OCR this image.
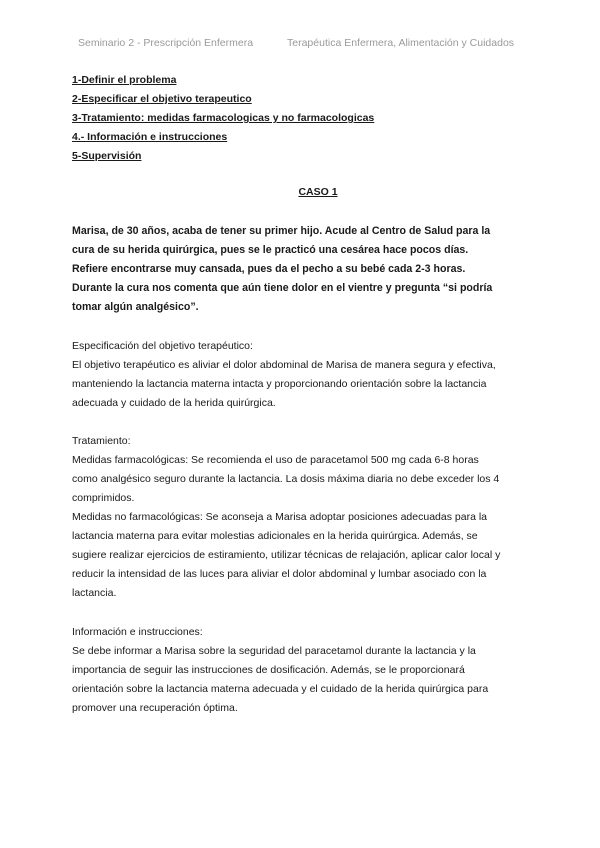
Seminario 2 - Prescripción Enfermera	Terapéutica Enfermera, Alimentación y Cuidados
1-Definir el problema
2-Especificar el objetivo terapeutico
3-Tratamiento: medidas farmacologicas y no farmacologicas
4.- Información e instrucciones
5-Supervisión
CASO 1
Marisa, de 30 años, acaba de tener su primer hijo. Acude al Centro de Salud para la
cura de su herida quirúrgica, pues se le practicó una cesárea hace pocos días.
Refiere encontrarse muy cansada, pues da el pecho a su bebé cada 2-3 horas.
Durante la cura nos comenta que aún tiene dolor en el vientre y pregunta “si podría
tomar algún analgésico”.
Especificación del objetivo terapéutico:
El objetivo terapéutico es aliviar el dolor abdominal de Marisa de manera segura y efectiva,
manteniendo la lactancia materna intacta y proporcionando orientación sobre la lactancia
adecuada y cuidado de la herida quirúrgica.
Tratamiento:
Medidas farmacológicas: Se recomienda el uso de paracetamol 500 mg cada 6-8 horas
como analgésico seguro durante la lactancia. La dosis máxima diaria no debe exceder los 4
comprimidos.
Medidas no farmacológicas: Se aconseja a Marisa adoptar posiciones adecuadas para la
lactancia materna para evitar molestias adicionales en la herida quirúrgica. Además, se
sugiere realizar ejercicios de estiramiento, utilizar técnicas de relajación, aplicar calor local y
reducir la intensidad de las luces para aliviar el dolor abdominal y lumbar asociado con la
lactancia.
Información e instrucciones:
Se debe informar a Marisa sobre la seguridad del paracetamol durante la lactancia y la
importancia de seguir las instrucciones de dosificación. Además, se le proporcionará
orientación sobre la lactancia materna adecuada y el cuidado de la herida quirúrgica para
promover una recuperación óptima.
